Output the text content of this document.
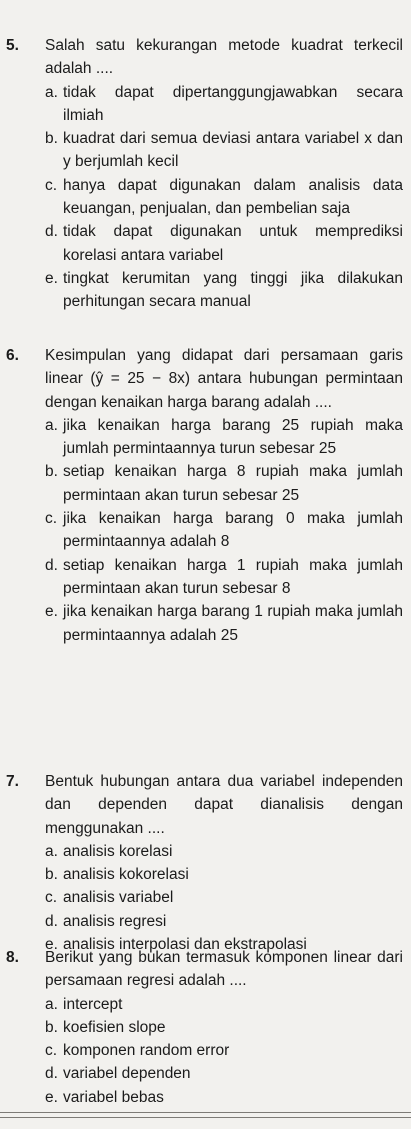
5. Salah satu kekurangan metode kuadrat terkecil adalah ....
a. tidak dapat dipertanggungjawabkan secara ilmiah
b. kuadrat dari semua deviasi antara variabel x dan y berjumlah kecil
c. hanya dapat digunakan dalam analisis data keuangan, penjualan, dan pembelian saja
d. tidak dapat digunakan untuk memprediksi korelasi antara variabel
e. tingkat kerumitan yang tinggi jika dilakukan perhitungan secara manual
6. Kesimpulan yang didapat dari persamaan garis linear (ŷ = 25 − 8x) antara hubungan permintaan dengan kenaikan harga barang adalah ....
a. jika kenaikan harga barang 25 rupiah maka jumlah permintaannya turun sebesar 25
b. setiap kenaikan harga 8 rupiah maka jumlah permintaan akan turun sebesar 25
c. jika kenaikan harga barang 0 maka jumlah permintaannya adalah 8
d. setiap kenaikan harga 1 rupiah maka jumlah permintaan akan turun sebesar 8
e. jika kenaikan harga barang 1 rupiah maka jumlah permintaannya adalah 25
7. Bentuk hubungan antara dua variabel independen dan dependen dapat dianalisis dengan menggunakan ....
a. analisis korelasi
b. analisis kokorelasi
c. analisis variabel
d. analisis regresi
e. analisis interpolasi dan ekstrapolasi
8. Berikut yang bukan termasuk komponen linear dari persamaan regresi adalah ....
a. intercept
b. koefisien slope
c. komponen random error
d. variabel dependen
e. variabel bebas
